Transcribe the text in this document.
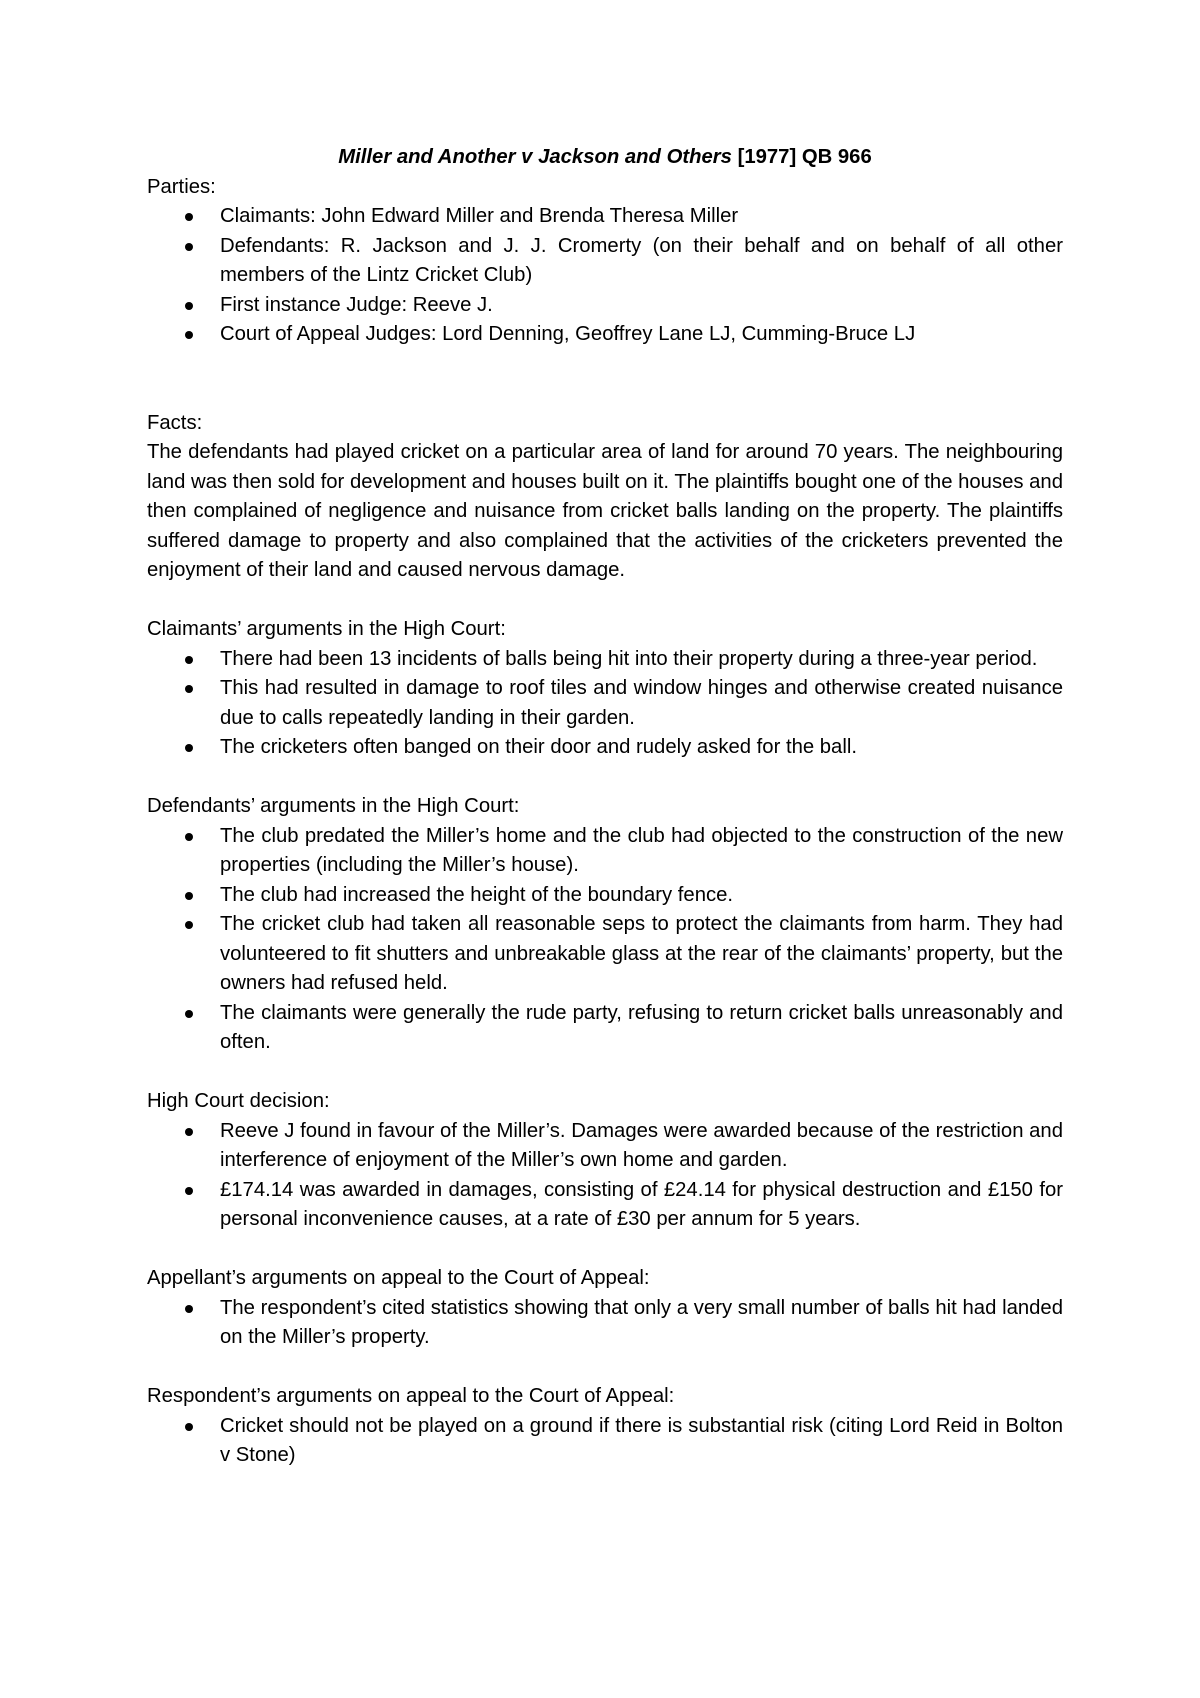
Miller and Another v Jackson and Others [1977] QB 966

Parties:

Claimants: John Edward Miller and Brenda Theresa Miller
Defendants: R. Jackson and J. J. Cromerty (on their behalf and on behalf of all other members of the Lintz Cricket Club)
First instance Judge: Reeve J.
Court of Appeal Judges: Lord Denning, Geoffrey Lane LJ, Cumming-Bruce LJ

Facts:

The defendants had played cricket on a particular area of land for around 70 years. The neighbouring land was then sold for development and houses built on it. The plaintiffs bought one of the houses and then complained of negligence and nuisance from cricket balls landing on the property. The plaintiffs suffered damage to property and also complained that the activities of the cricketers prevented the enjoyment of their land and caused nervous damage.

Claimants’ arguments in the High Court:

There had been 13 incidents of balls being hit into their property during a three-year period.
This had resulted in damage to roof tiles and window hinges and otherwise created nuisance due to calls repeatedly landing in their garden.
The cricketers often banged on their door and rudely asked for the ball.

Defendants’ arguments in the High Court:

The club predated the Miller’s home and the club had objected to the construction of the new properties (including the Miller’s house).
The club had increased the height of the boundary fence.
The cricket club had taken all reasonable seps to protect the claimants from harm. They had volunteered to fit shutters and unbreakable glass at the rear of the claimants’ property, but the owners had refused held.
The claimants were generally the rude party, refusing to return cricket balls unreasonably and often.

High Court decision:

Reeve J found in favour of the Miller’s. Damages were awarded because of the restriction and interference of enjoyment of the Miller’s own home and garden.
£174.14 was awarded in damages, consisting of £24.14 for physical destruction and £150 for personal inconvenience causes, at a rate of £30 per annum for 5 years.

Appellant’s arguments on appeal to the Court of Appeal:

The respondent’s cited statistics showing that only a very small number of balls hit had landed on the Miller’s property.

Respondent’s arguments on appeal to the Court of Appeal:

Cricket should not be played on a ground if there is substantial risk (citing Lord Reid in Bolton v Stone)
